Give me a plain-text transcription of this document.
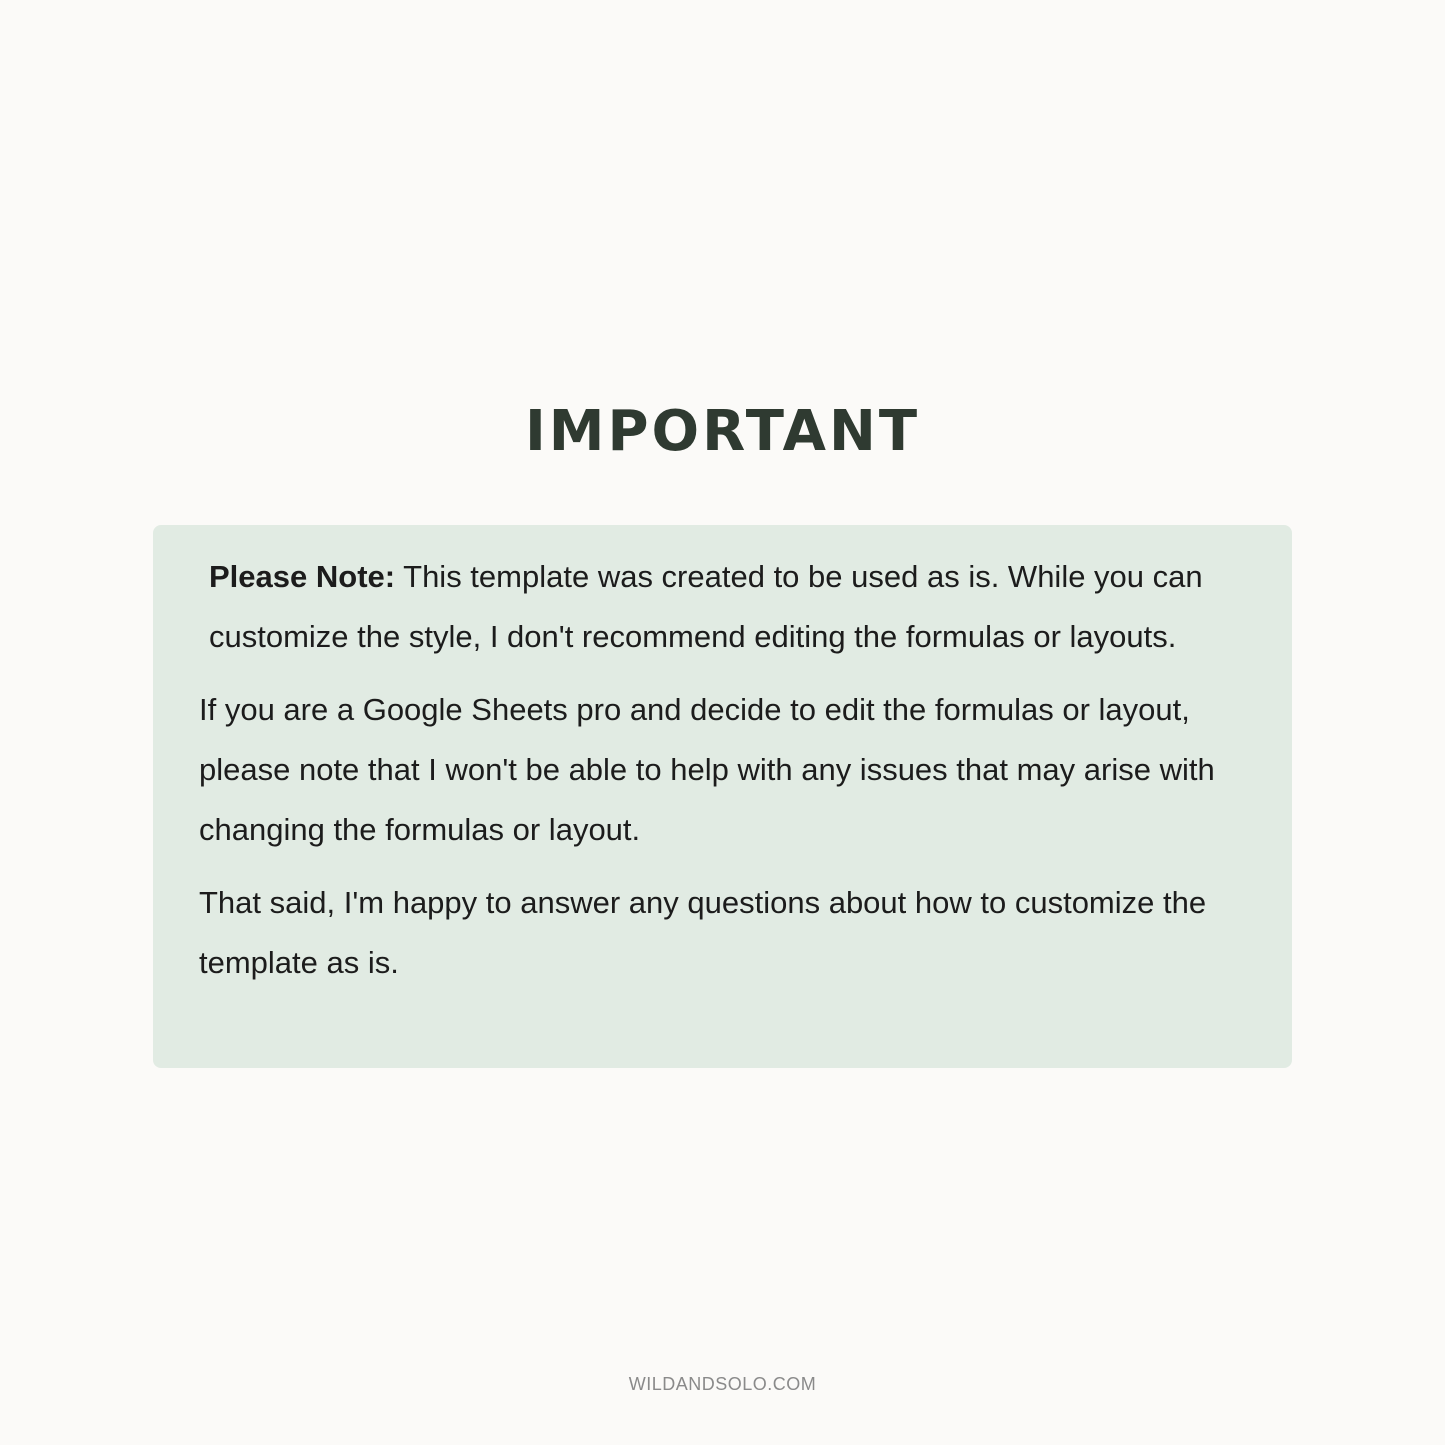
IMPORTANT

Please Note: This template was created to be used as is. While you can customize the style, I don't recommend editing the formulas or layouts.

If you are a Google Sheets pro and decide to edit the formulas or layout, please note that I won't be able to help with any issues that may arise with changing the formulas or layout.

That said, I'm happy to answer any questions about how to customize the template as is.

WILDANDSOLO.COM
